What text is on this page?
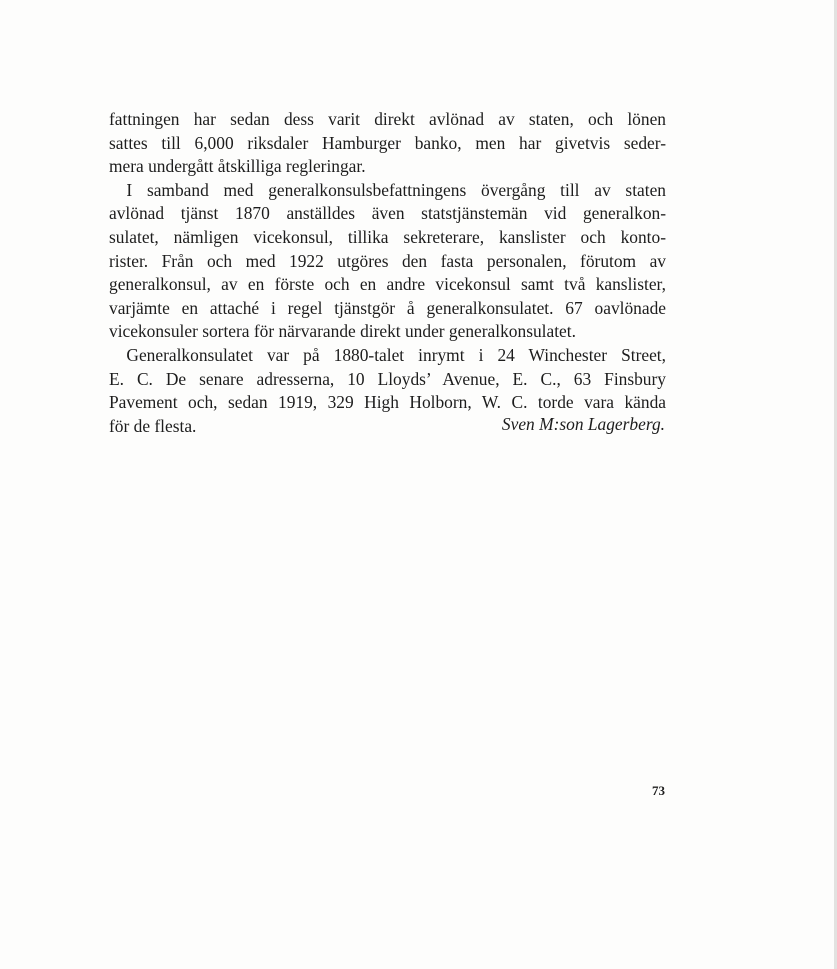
fattningen har sedan dess varit direkt avlönad av staten, och lönen
sattes till 6,000 riksdaler Hamburger banko, men har givetvis seder-
mera undergått åtskilliga regleringar.
 I samband med generalkonsulsbefattningens övergång till av staten
avlönad tjänst 1870 anställdes även statstjänstemän vid generalkon-
sulatet, nämligen vicekonsul, tillika sekreterare, kanslister och konto-
rister. Från och med 1922 utgöres den fasta personalen, förutom av
generalkonsul, av en förste och en andre vicekonsul samt två kanslister,
varjämte en attaché i regel tjänstgör å generalkonsulatet. 67 oavlönade
vicekonsuler sortera för närvarande direkt under generalkonsulatet.
 Generalkonsulatet var på 1880-talet inrymt i 24 Winchester Street,
E. C. De senare adresserna, 10 Lloyds’ Avenue, E. C., 63 Finsbury
Pavement och, sedan 1919, 329 High Holborn, W. C. torde vara kända
för de flesta.	Sven M:son Lagerberg.
73
